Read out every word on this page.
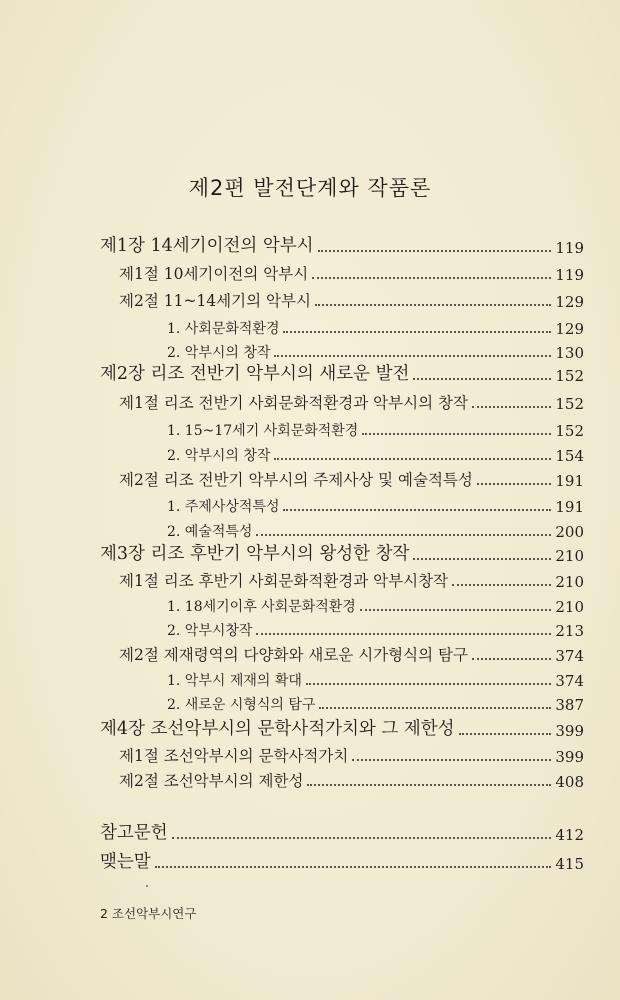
제2편 발전단계와 작품론
제1장 14세기이전의 악부시	119
제1절 10세기이전의 악부시	119
제2절 11~14세기의 악부시	129
1. 사회문화적환경	129
2. 악부시의 창작	130
제2장 리조 전반기 악부시의 새로운 발전	152
제1절 리조 전반기 사회문화적환경과 악부시의 창작	152
1. 15~17세기 사회문화적환경	152
2. 악부시의 창작	154
제2절 리조 전반기 악부시의 주제사상 및 예술적특성	191
1. 주제사상적특성	191
2. 예술적특성	200
제3장 리조 후반기 악부시의 왕성한 창작	210
제1절 리조 후반기 사회문화적환경과 악부시창작	210
1. 18세기이후 사회문화적환경	210
2. 악부시창작	213
제2절 제재령역의 다양화와 새로운 시가형식의 탐구	374
1. 악부시 제재의 확대	374
2. 새로운 시형식의 탐구	387
제4장 조선악부시의 문학사적가치와 그 제한성	399
제1절 조선악부시의 문학사적가치	399
제2절 조선악부시의 제한성	408
참고문헌	412
맺는말	415
2 조선악부시연구
